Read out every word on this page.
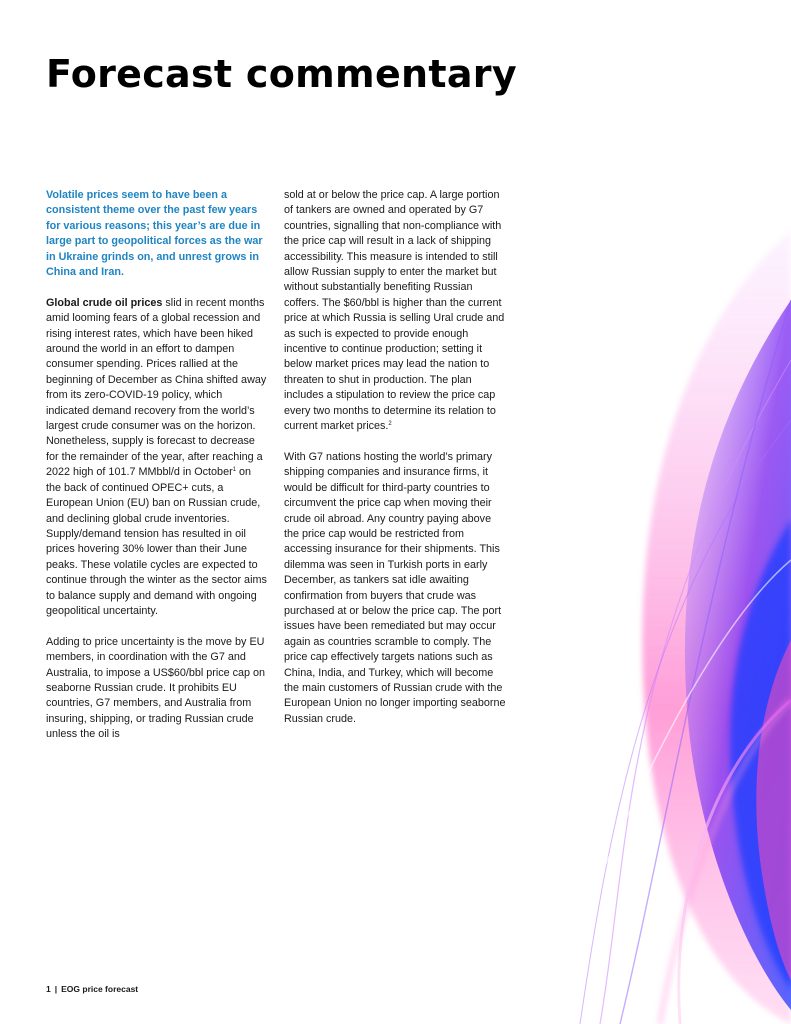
Forecast commentary

Volatile prices seem to have been a consistent theme over the past few years for various reasons; this year’s are due in large part to geopolitical forces as the war in Ukraine grinds on, and unrest grows in China and Iran.

Global crude oil prices slid in recent months amid looming fears of a global recession and rising interest rates, which have been hiked around the world in an effort to dampen consumer spending. Prices rallied at the beginning of December as China shifted away from its zero-COVID-19 policy, which indicated demand recovery from the world’s largest crude consumer was on the horizon. Nonetheless, supply is forecast to decrease for the remainder of the year, after reaching a 2022 high of 101.7 MMbbl/d in October$^1$ on the back of continued OPEC+ cuts, a European Union (EU) ban on Russian crude, and declining global crude inventories. Supply/demand tension has resulted in oil prices hovering 30% lower than their June peaks. These volatile cycles are expected to continue through the winter as the sector aims to balance supply and demand with ongoing geopolitical uncertainty.

Adding to price uncertainty is the move by EU members, in coordination with the G7 and Australia, to impose a US$60/bbl price cap on seaborne Russian crude. It prohibits EU countries, G7 members, and Australia from insuring, shipping, or trading Russian crude unless the oil is

sold at or below the price cap. A large portion of tankers are owned and operated by G7 countries, signalling that non-compliance with the price cap will result in a lack of shipping accessibility. This measure is intended to still allow Russian supply to enter the market but without substantially benefiting Russian coffers. The $60/bbl is higher than the current price at which Russia is selling Ural crude and as such is expected to provide enough incentive to continue production; setting it below market prices may lead the nation to threaten to shut in production. The plan includes a stipulation to review the price cap every two months to determine its relation to current market prices.$^2$

With G7 nations hosting the world’s primary shipping companies and insurance firms, it would be difficult for third-party countries to circumvent the price cap when moving their crude oil abroad. Any country paying above the price cap would be restricted from accessing insurance for their shipments. This dilemma was seen in Turkish ports in early December, as tankers sat idle awaiting confirmation from buyers that crude was purchased at or below the price cap. The port issues have been remediated but may occur again as countries scramble to comply. The price cap effectively targets nations such as China, India, and Turkey, which will become the main customers of Russian crude with the European Union no longer importing seaborne Russian crude.

1 | EOG price forecast
